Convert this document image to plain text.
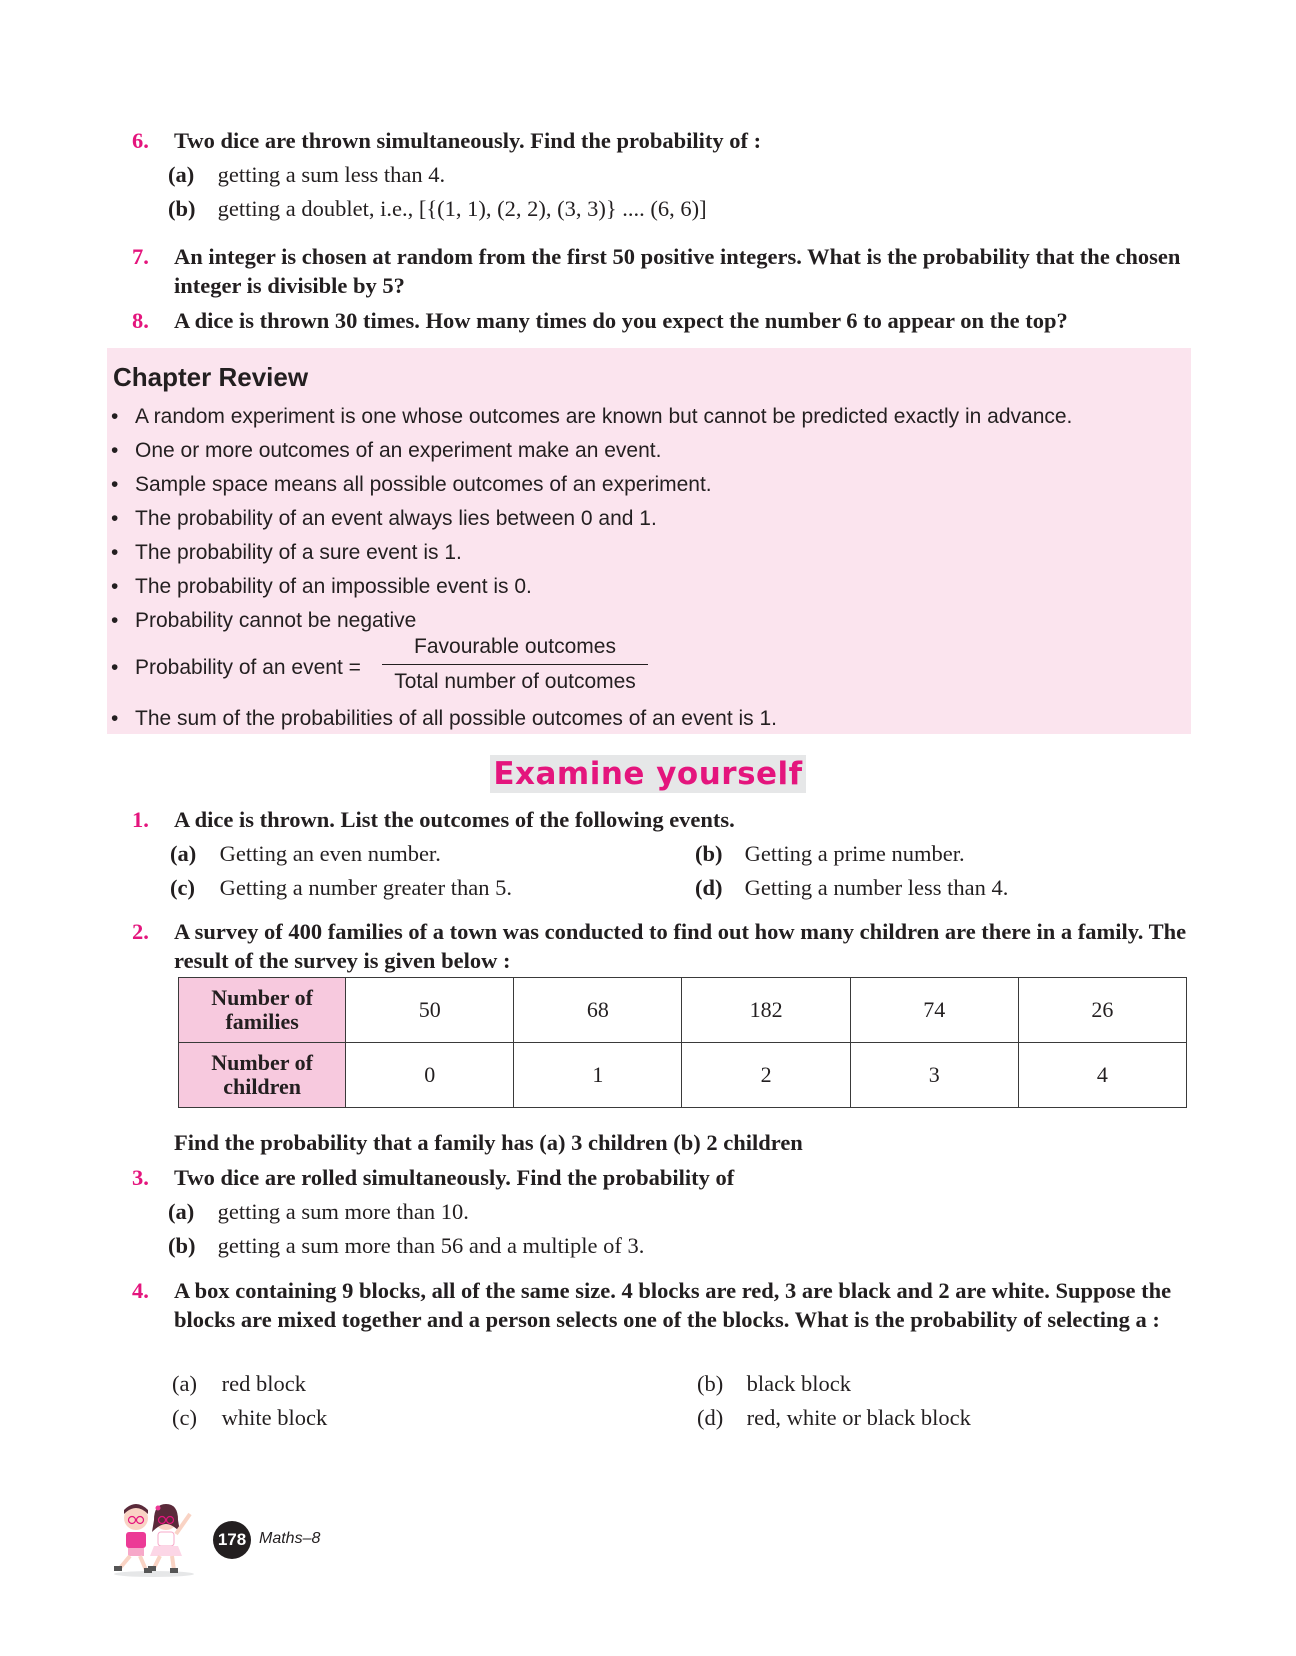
6. Two dice are thrown simultaneously. Find the probability of :
(a) getting a sum less than 4.
(b) getting a doublet, i.e., [{(1, 1), (2, 2), (3, 3)} .... (6, 6)]
7. An integer is chosen at random from the first 50 positive integers. What is the probability that the chosen integer is divisible by 5?
8. A dice is thrown 30 times. How many times do you expect the number 6 to appear on the top?
Chapter Review
• A random experiment is one whose outcomes are known but cannot be predicted exactly in advance.
• One or more outcomes of an experiment make an event.
• Sample space means all possible outcomes of an experiment.
• The probability of an event always lies between 0 and 1.
• The probability of a sure event is 1.
• The probability of an impossible event is 0.
• Probability cannot be negative
• Probability of an event =
Favourable outcomes
Total number of outcomes
• The sum of the probabilities of all possible outcomes of an event is 1.
Examine yourself
1. A dice is thrown. List the outcomes of the following events.
(a) Getting an even number.	(b) Getting a prime number.
(c) Getting a number greater than 5.	(d) Getting a number less than 4.
2. A survey of 400 families of a town was conducted to find out how many children are there in a family. The result of the survey is given below :
Number of families	50	68	182	74	26
Number of children	0	1	2	3	4
Find the probability that a family has (a) 3 children (b) 2 children
3. Two dice are rolled simultaneously. Find the probability of
(a) getting a sum more than 10.
(b) getting a sum more than 56 and a multiple of 3.
4. A box containing 9 blocks, all of the same size. 4 blocks are red, 3 are black and 2 are white. Suppose the blocks are mixed together and a person selects one of the blocks. What is the probability of selecting a :
(a) red block	(b) black block
(c) white block	(d) red, white or black block
178 Maths–8
